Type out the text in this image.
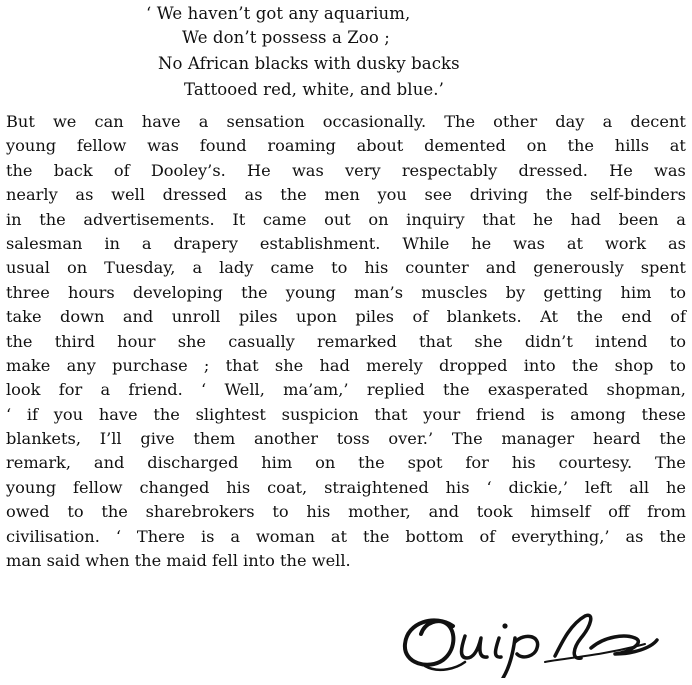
‘ We haven’t got any aquarium,
We don’t possess a Zoo ;
No African blacks with dusky backs
Tattooed red, white, and blue.’
But we can have a sensation occasionally. The other day a decent
young fellow was found roaming about demented on the hills at
the back of Dooley’s. He was very respectably dressed. He was
nearly as well dressed as the men you see driving the self-binders
in the advertisements. It came out on inquiry that he had been a
salesman in a drapery establishment. While he was at work as
usual on Tuesday, a lady came to his counter and generously spent
three hours developing the young man’s muscles by getting him to
take down and unroll piles upon piles of blankets. At the end of
the third hour she casually remarked that she didn’t intend to
make any purchase ; that she had merely dropped into the shop to
look for a friend. ‘ Well, ma’am,’ replied the exasperated shopman,
‘ if you have the slightest suspicion that your friend is among these
blankets, I’ll give them another toss over.’ The manager heard the
remark, and discharged him on the spot for his courtesy. The
young fellow changed his coat, straightened his ‘ dickie,’ left all he
owed to the sharebrokers to his mother, and took himself off from
civilisation. ‘ There is a woman at the bottom of everything,’ as the
man said when the maid fell into the well.
